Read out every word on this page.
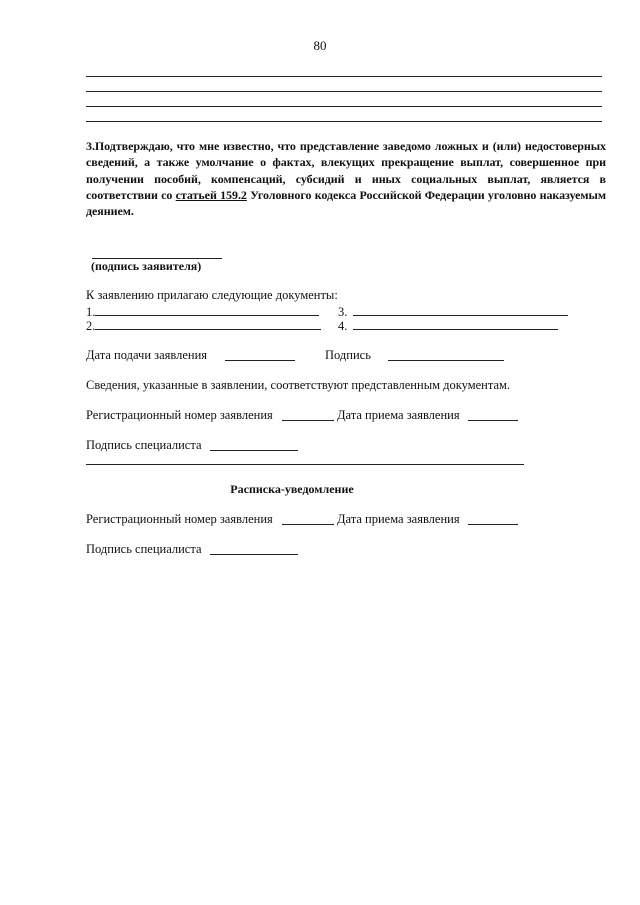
80
3.Подтверждаю, что мне известно, что представление заведомо ложных и (или) недостоверных сведений, а также умолчание о фактах, влекущих прекращение выплат, совершенное при получении пособий, компенсаций, субсидий и иных социальных выплат, является в соответствии со статьей 159.2 Уголовного кодекса Российской Федерации уголовно наказуемым деянием.
(подпись заявителя)
К заявлению прилагаю следующие документы:
1.	3.
2.	4.
Дата подачи заявления	Подпись
Сведения, указанные в заявлении, соответствуют представленным документам.
Регистрационный номер заявления	Дата приема заявления
Подпись специалиста
Расписка-уведомление
Регистрационный номер заявления	Дата приема заявления
Подпись специалиста
